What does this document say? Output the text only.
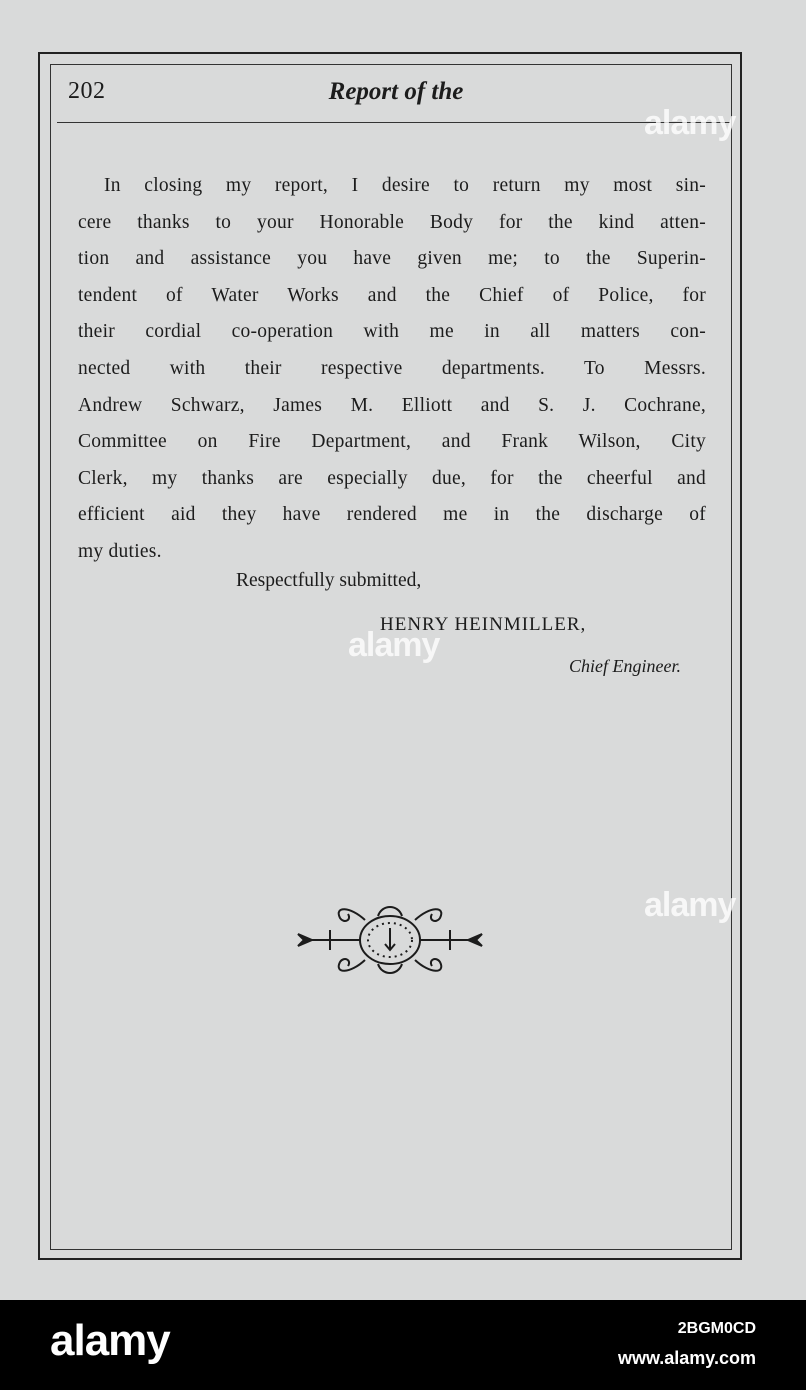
202	Report of the
In closing my report, I desire to return my most sin-
cere thanks to your Honorable Body for the kind atten-
tion and assistance you have given me; to the Superin-
tendent of Water Works and the Chief of Police, for
their cordial co-operation with me in all matters con-
nected with their respective departments. To Messrs.
Andrew Schwarz, James M. Elliott and S. J. Cochrane,
Committee on Fire Department, and Frank Wilson, City
Clerk, my thanks are especially due, for the cheerful and
efficient aid they have rendered me in the discharge of
my duties.
Respectfully submitted,
HENRY HEINMILLER,
Chief Engineer.
alamy
alamy
alamy
alamy	2BGM0CD
www.alamy.com
